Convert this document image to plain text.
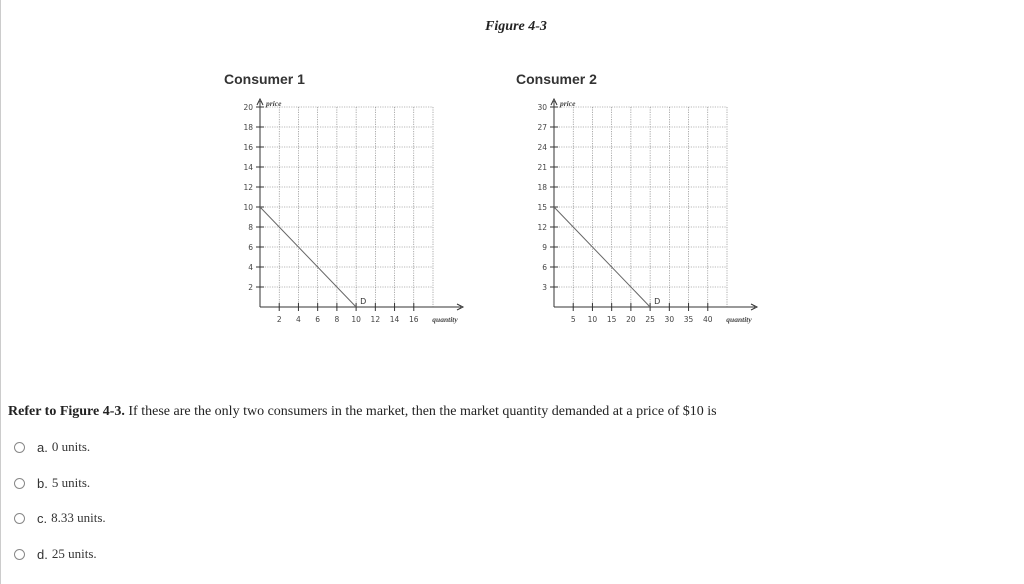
Figure 4-3
Consumer 1	Consumer 2
2
4
6
8
10
12
14
16
18
20
2 4 6 8 10 12 14 16
price
quantity
D
3
6
9
12
15
18
21
24
27
30
5 10 15 20 25 30 35 40
price
quantity
D
Refer to Figure 4-3. If these are the only two consumers in the market, then the market quantity demanded at a price of $10 is
a. 0 units.
b. 5 units.
c. 8.33 units.
d. 25 units.
